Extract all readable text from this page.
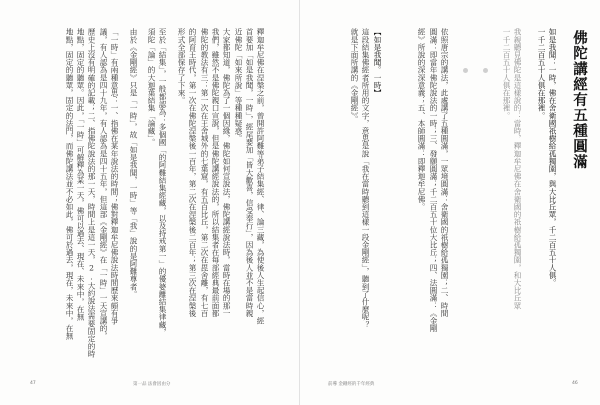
釋迦牟尼佛在涅槃之前，曾開許阿難等弟子結集經、律、論三藏，為使後人生起信心，經
首要加「如是我聞，一時」，經尾要加「皆大歡喜，信受奉行」，因為後人並不是當時親
近佛陀「如來所說」等種種疑惑。
大家都知道，佛陀為了一個因緣，佛陀如何宣說法，佛陀講經說法時，當時在場的那一
我們，雖然不是佛陀親口宣說，但是佛陀講經說法的，所以結集者在每部經典最前面都
佛陀的教法有三：第一次在王舍城外的七葉窟，有五百比丘，第二次在毘舍離，有七百
的阿育王時代，第一次在佛陀涅槃後一百年，第二次在涅槃後二百年；第三次在涅槃後
形式全部保存了下來。
至於「結集」，一般都認為：多個國「的阿難結集經藏，以及持戒第一」的優婆離結集律藏，
須陀「論」的大迦葉結集「論藏」。
由於《金剛經》只是「一時」，故「如是我聞，一時」等「我」說的是阿難尊者。
「一時」有兩種意思：一、指佛在某年說法的時間；佛對釋迦牟尼佛說法時間歷來頗有爭
議，有人認為是四十九年，有人認為是四十五年，但這部《金剛經》在「一時」一天宣講的，
歷史上沒有明確的記載；二、指佛陀說法的那一天，時間上是這一天，2.大約說法需要固定的時
地點，固定的聽眾。因此，「一時」可解釋為某一天，佛可以過去、現在、未來中，在無
地點，固定的聽眾，固定的法門，而佛陀講法並不必如此，佛可於過去，現在，未來中，在無
47	第一品 法會因由分
佛陀講經有五種圓滿
如是我聞：一時，佛在舍衛國祇樹給孤獨園，與大比丘眾，千二百五十人俱。
一千二百五十人俱在那裡。
我親聽見佛陀是這樣說的：當時，釋迦牟尼佛在舍衛國的祇樹給孤獨園，和大比丘眾
一千二百五十人俱在那裡。
依照唐宗的講法，此處講了五種圓滿，一眾境圓滿：舍衛國的祇樹給孤獨園；二、時間
圓滿：即當年佛陀說法的一時；三、發願圓滿；千二百五十位大比丘；四、法圓滿：《金剛
經》所說的深深意義；五、本師圓滿：即釋迦牟尼佛。
【如是我聞。一時】
這段結集佛經者所用的文字，意思是說「我在當時聽到這樣一段金剛經」，聽到了什麼呢？
就是下面所講的《金剛經》。
前導 金剛經的千年經典	46
